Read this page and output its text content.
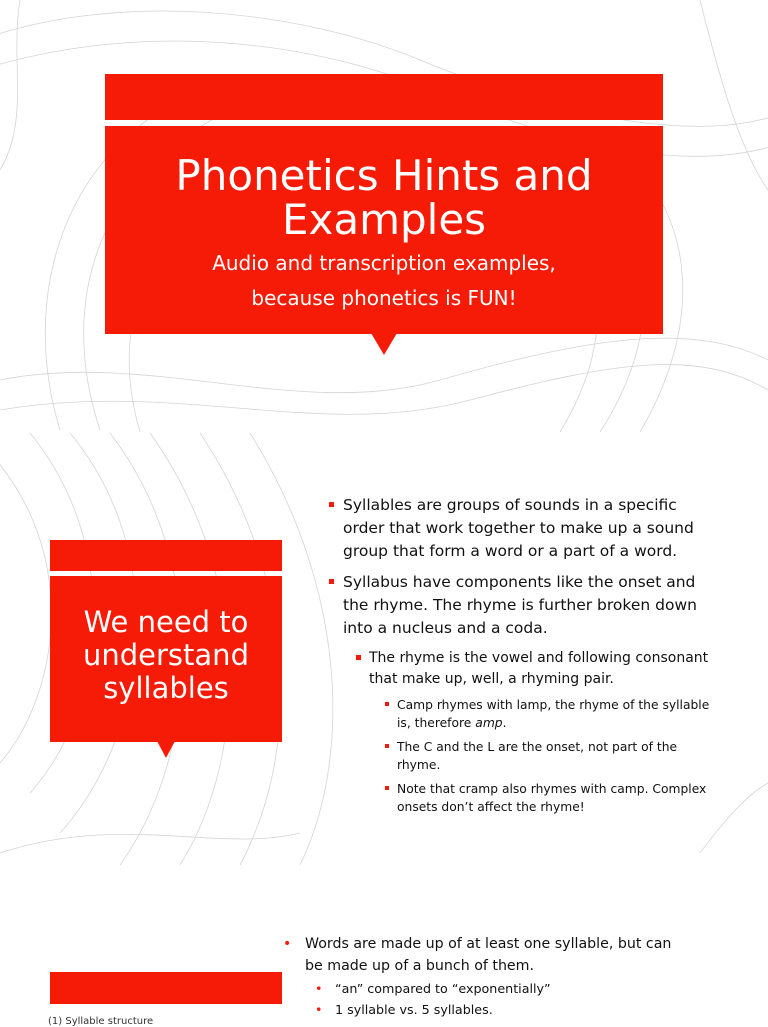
Phonetics Hints and Examples
Audio and transcription examples,
because phonetics is FUN!
We need to understand syllables
Syllables are groups of sounds in a specific order that work together to make up a sound group that form a word or a part of a word.
Syllabus have components like the onset and the rhyme. The rhyme is further broken down into a nucleus and a coda.
The rhyme is the vowel and following consonant that make up, well, a rhyming pair.
Camp rhymes with lamp, the rhyme of the syllable is, therefore amp.
The C and the L are the onset, not part of the rhyme.
Note that cramp also rhymes with camp. Complex onsets don’t affect the rhyme!
• Words are made up of at least one syllable, but can be made up of a bunch of them.
• “an” compared to “exponentially”
• 1 syllable vs. 5 syllables.
(1) Syllable structure
